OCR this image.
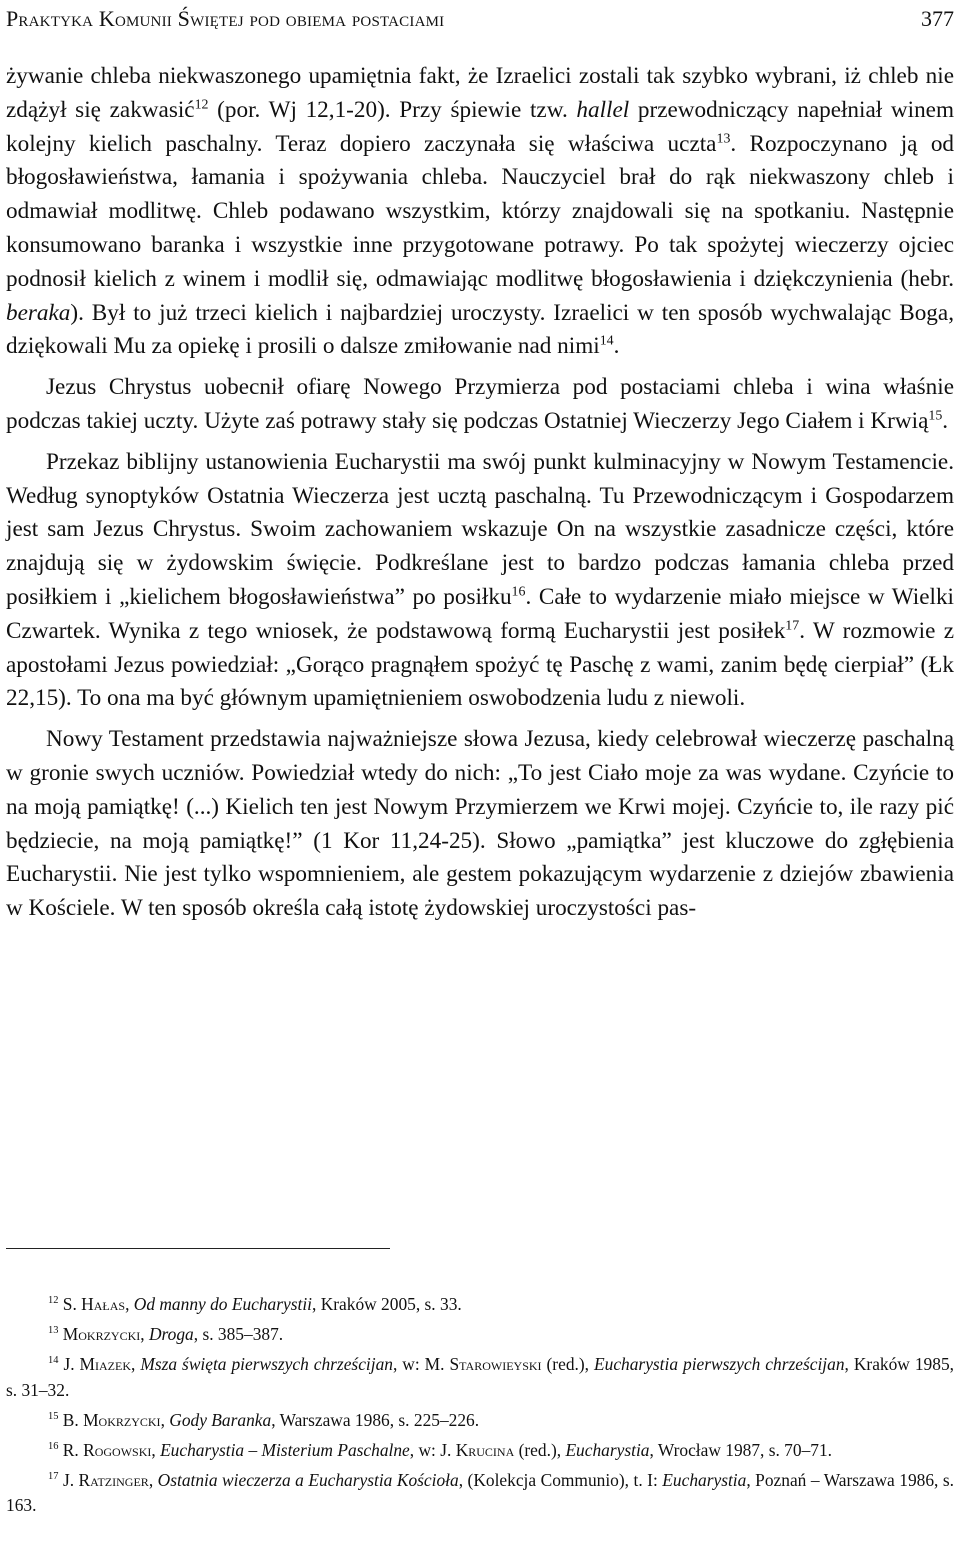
Praktyka Komunii Świętej pod obiema postaciami	377

żywanie chleba niekwaszonego upamiętnia fakt, że Izraelici zostali tak szybko wybrani, iż chleb nie zdążył się zakwasić$^{12}$ (por. Wj 12,1-20). Przy śpiewie tzw. hallel przewodniczący napełniał winem kolejny kielich paschalny. Teraz dopiero zaczynała się właściwa uczta$^{13}$. Rozpoczynano ją od błogosławieństwa, łamania i spożywania chleba. Nauczyciel brał do rąk niekwaszony chleb i odmawiał modlitwę. Chleb podawano wszystkim, którzy znajdowali się na spotkaniu. Następnie konsumowano baranka i wszystkie inne przygotowane potrawy. Po tak spożytej wieczerzy ojciec podnosił kielich z winem i modlił się, odmawiając modlitwę błogosławienia i dziękczynienia (hebr. beraka). Był to już trzeci kielich i najbardziej uroczysty. Izraelici w ten sposób wychwalając Boga, dziękowali Mu za opiekę i prosili o dalsze zmiłowanie nad nimi$^{14}$.

Jezus Chrystus uobecnił ofiarę Nowego Przymierza pod postaciami chleba i wina właśnie podczas takiej uczty. Użyte zaś potrawy stały się podczas Ostatniej Wieczerzy Jego Ciałem i Krwią$^{15}$.

Przekaz biblijny ustanowienia Eucharystii ma swój punkt kulminacyjny w Nowym Testamencie. Według synoptyków Ostatnia Wieczerza jest ucztą paschalną. Tu Przewodniczącym i Gospodarzem jest sam Jezus Chrystus. Swoim zachowaniem wskazuje On na wszystkie zasadnicze części, które znajdują się w żydowskim święcie. Podkreślane jest to bardzo podczas łamania chleba przed posiłkiem i „kielichem błogosławieństwa” po posiłku$^{16}$. Całe to wydarzenie miało miejsce w Wielki Czwartek. Wynika z tego wniosek, że podstawową formą Eucharystii jest posiłek$^{17}$. W rozmowie z apostołami Jezus powiedział: „Gorąco pragnąłem spożyć tę Paschę z wami, zanim będę cierpiał” (Łk 22,15). To ona ma być głównym upamiętnieniem oswobodzenia ludu z niewoli.

Nowy Testament przedstawia najważniejsze słowa Jezusa, kiedy celebrował wieczerzę paschalną w gronie swych uczniów. Powiedział wtedy do nich: „To jest Ciało moje za was wydane. Czyńcie to na moją pamiątkę! (...) Kielich ten jest Nowym Przymierzem we Krwi mojej. Czyńcie to, ile razy pić będziecie, na moją pamiątkę!” (1 Kor 11,24-25). Słowo „pamiątka” jest kluczowe do zgłębienia Eucharystii. Nie jest tylko wspomnieniem, ale gestem pokazującym wydarzenie z dziejów zbawienia w Kościele. W ten sposób określa całą istotę żydowskiej uroczystości pas-

$^{12}$ S. Hałas, Od manny do Eucharystii, Kraków 2005, s. 33.

$^{13}$ Mokrzycki, Droga, s. 385–387.

$^{14}$ J. Miazek, Msza święta pierwszych chrześcijan, w: M. Starowieyski (red.), Eucharystia pierwszych chrześcijan, Kraków 1985, s. 31–32.

$^{15}$ B. Mokrzycki, Gody Baranka, Warszawa 1986, s. 225–226.

$^{16}$ R. Rogowski, Eucharystia – Misterium Paschalne, w: J. Krucina (red.), Eucharystia, Wrocław 1987, s. 70–71.

$^{17}$ J. Ratzinger, Ostatnia wieczerza a Eucharystia Kościoła, (Kolekcja Communio), t. I: Eucharystia, Poznań – Warszawa 1986, s. 163.
